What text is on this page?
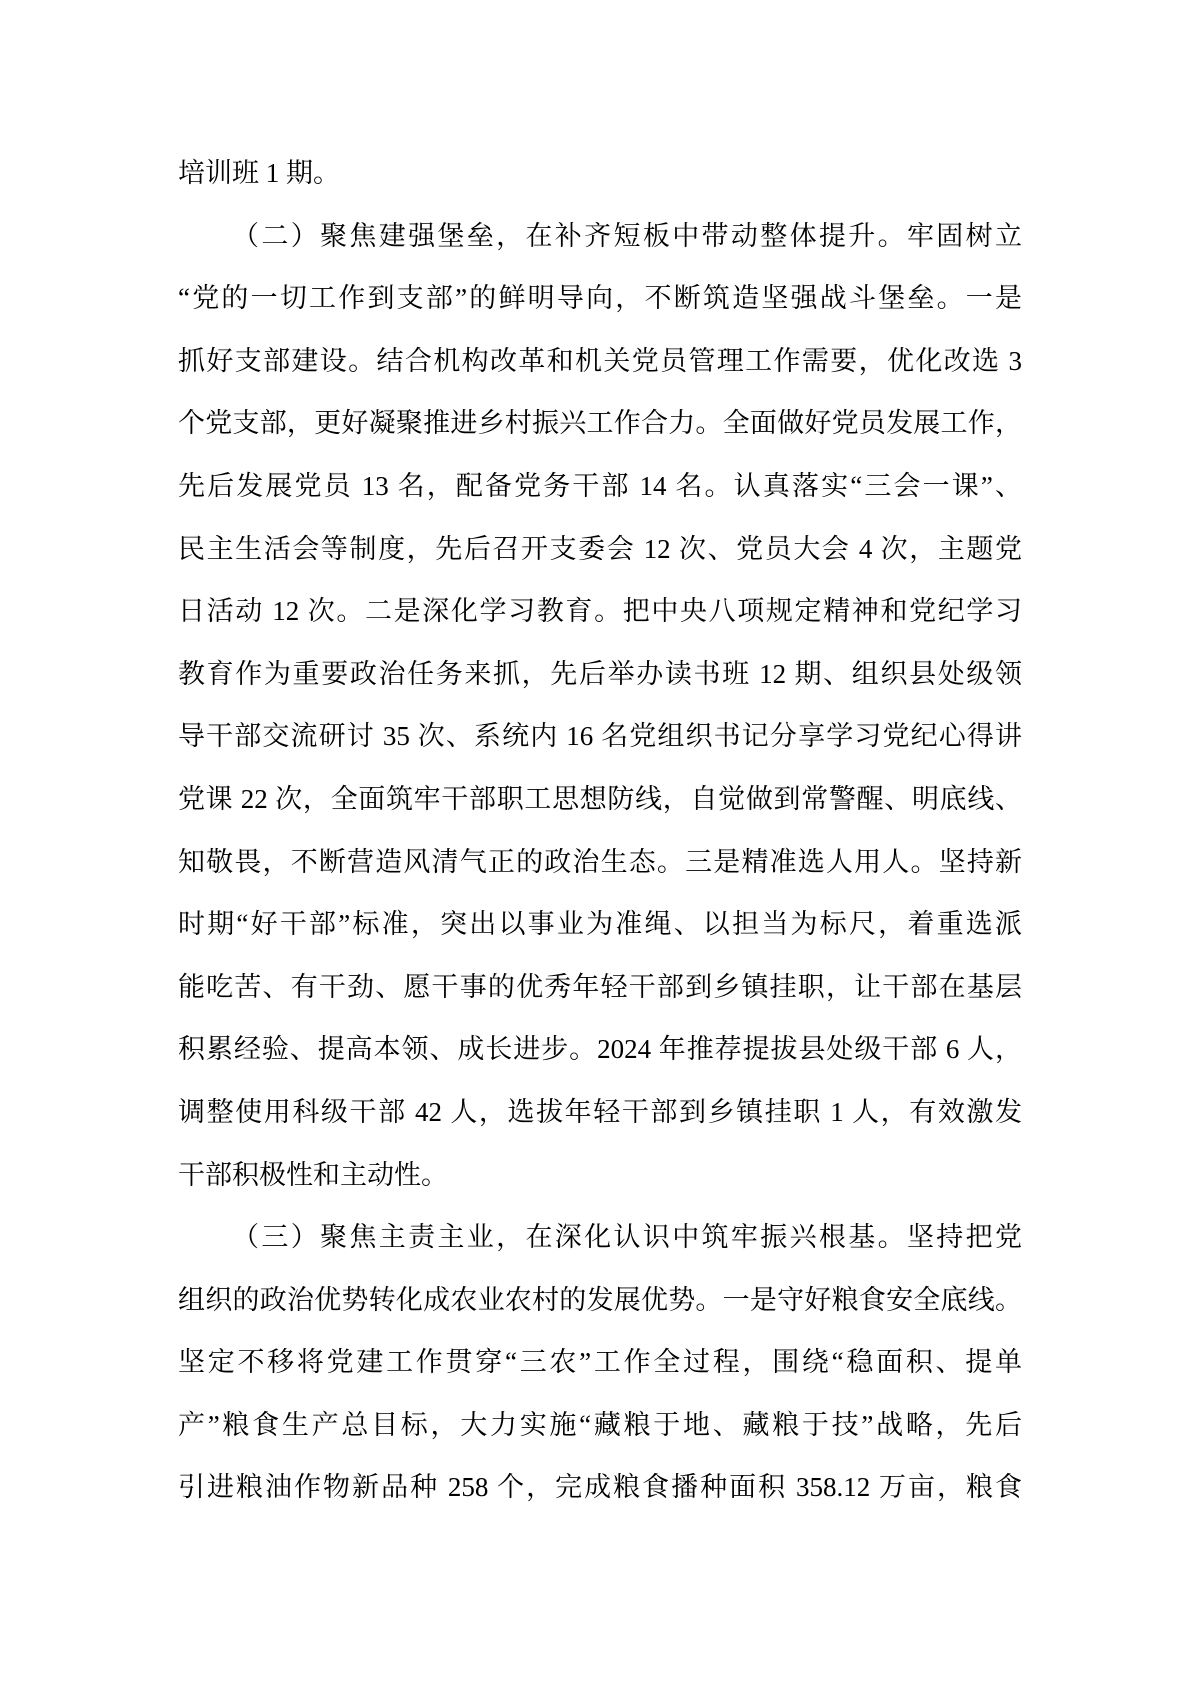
培训班 1 期。
（二）聚焦建强堡垒，在补齐短板中带动整体提升。牢固树立
“党的一切工作到支部”的鲜明导向，不断筑造坚强战斗堡垒。一是
抓好支部建设。结合机构改革和机关党员管理工作需要，优化改选 3
个党支部，更好凝聚推进乡村振兴工作合力。全面做好党员发展工作，
先后发展党员 13 名，配备党务干部 14 名。认真落实“三会一课”、
民主生活会等制度，先后召开支委会 12 次、党员大会 4 次，主题党
日活动 12 次。二是深化学习教育。把中央八项规定精神和党纪学习
教育作为重要政治任务来抓，先后举办读书班 12 期、组织县处级领
导干部交流研讨 35 次、系统内 16 名党组织书记分享学习党纪心得讲
党课 22 次，全面筑牢干部职工思想防线，自觉做到常警醒、明底线、
知敬畏，不断营造风清气正的政治生态。三是精准选人用人。坚持新
时期“好干部”标准，突出以事业为准绳、以担当为标尺，着重选派
能吃苦、有干劲、愿干事的优秀年轻干部到乡镇挂职，让干部在基层
积累经验、提高本领、成长进步。2024 年推荐提拔县处级干部 6 人，
调整使用科级干部 42 人，选拔年轻干部到乡镇挂职 1 人，有效激发
干部积极性和主动性。
（三）聚焦主责主业，在深化认识中筑牢振兴根基。坚持把党
组织的政治优势转化成农业农村的发展优势。一是守好粮食安全底线。
坚定不移将党建工作贯穿“三农”工作全过程，围绕“稳面积、提单
产”粮食生产总目标，大力实施“藏粮于地、藏粮于技”战略，先后
引进粮油作物新品种 258 个，完成粮食播种面积 358.12 万亩，粮食
